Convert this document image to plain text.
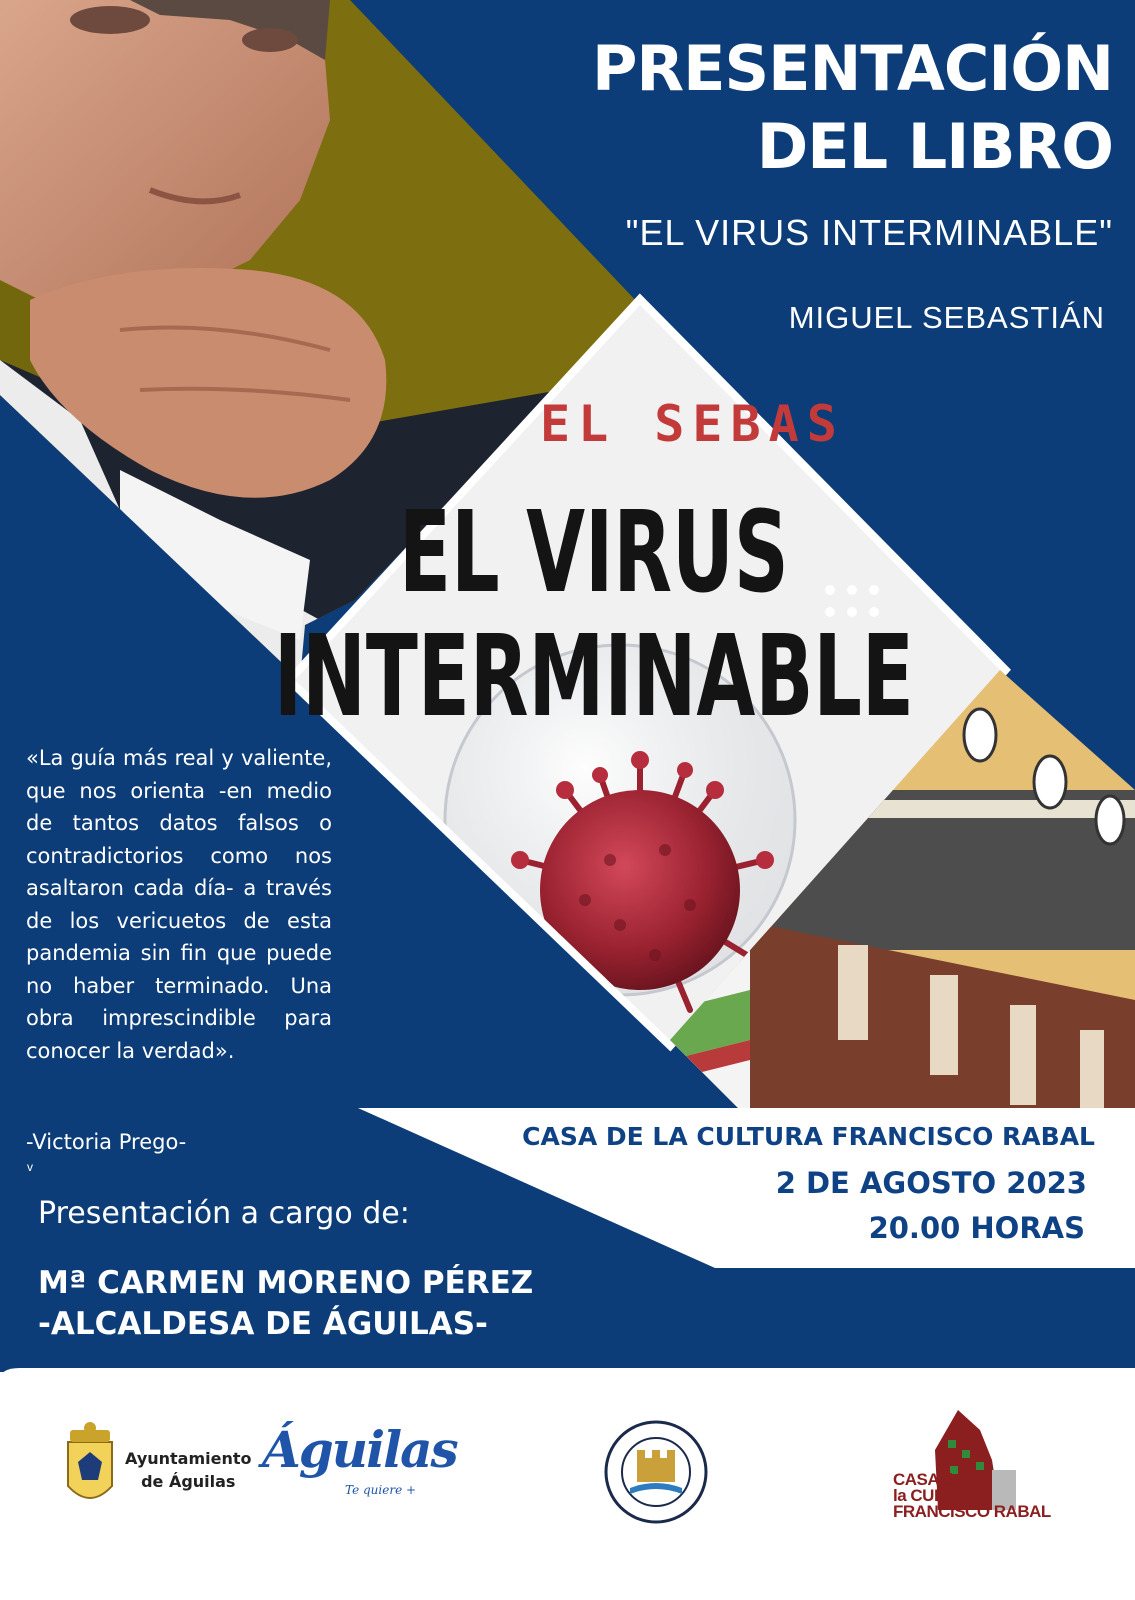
PRESENTACIÓN
DEL LIBRO
"EL VIRUS INTERMINABLE"
MIGUEL SEBASTIÁN
EL SEBAS
EL VIRUS
INTERMINABLE
«La guía más real y valiente, que nos orienta -en medio de tantos datos falsos o contradictorios como nos asaltaron cada día- a través de los vericuetos de esta pandemia sin fin que puede no haber terminado. Una obra imprescindible para conocer la verdad».
-Victoria Prego-
v
CASA DE LA CULTURA FRANCISCO RABAL
2 DE AGOSTO 2023
20.00 HORAS
Presentación a cargo de:
Mª CARMEN MORENO PÉREZ
-ALCALDESA DE ÁGUILAS-
Ayuntamiento
de Águilas
Águilas
Te quiere +
CASA de
la CULTURA
FRANCISCO RABAL
